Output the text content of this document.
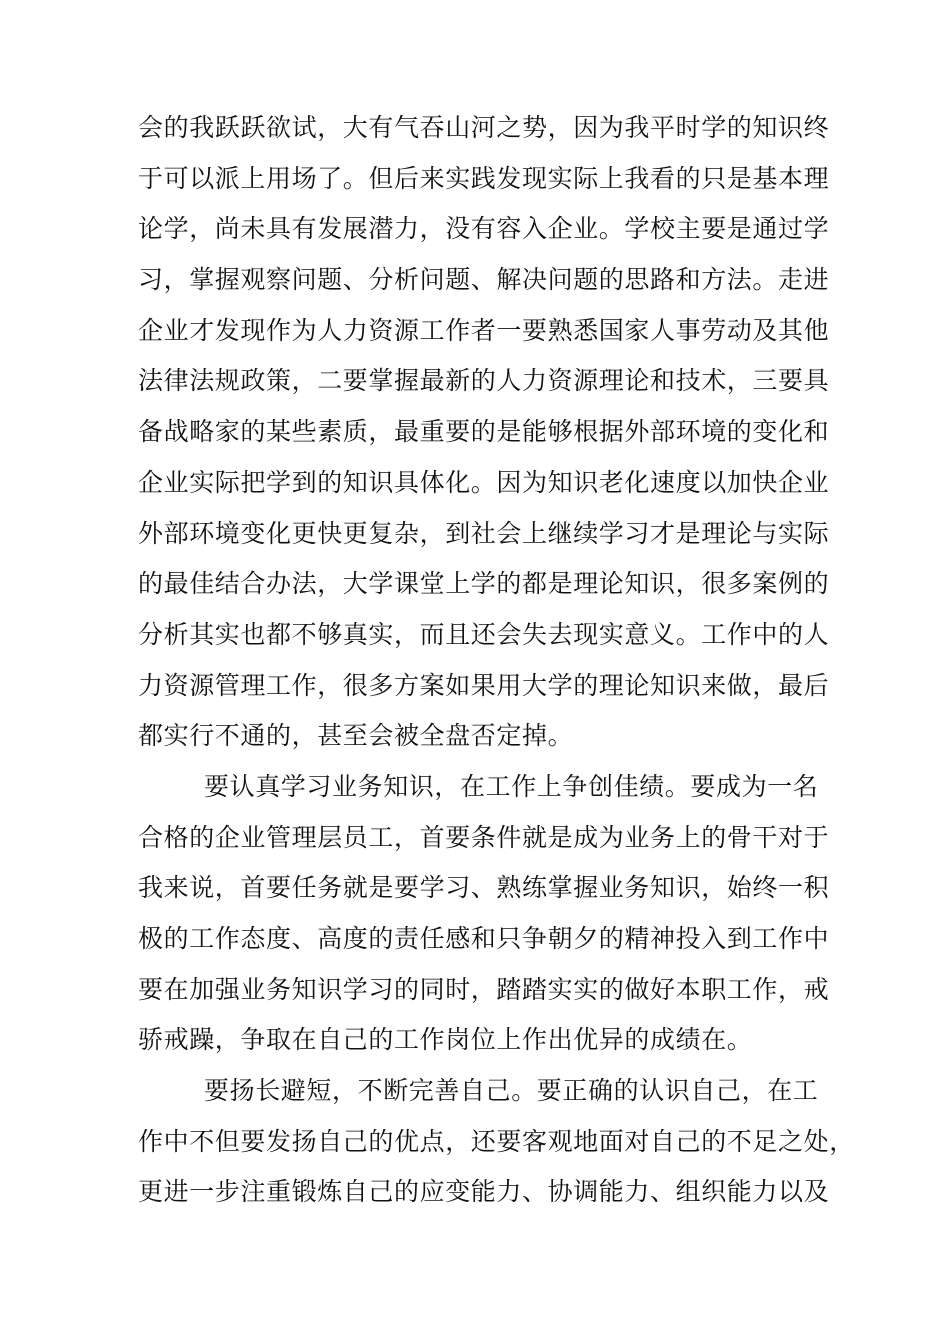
会的我跃跃欲试，大有气吞山河之势，因为我平时学的知识终
于可以派上用场了。但后来实践发现实际上我看的只是基本理
论学，尚未具有发展潜力，没有容入企业。学校主要是通过学
习，掌握观察问题、分析问题、解决问题的思路和方法。走进
企业才发现作为人力资源工作者一要熟悉国家人事劳动及其他
法律法规政策，二要掌握最新的人力资源理论和技术，三要具
备战略家的某些素质，最重要的是能够根据外部环境的变化和
企业实际把学到的知识具体化。因为知识老化速度以加快企业
外部环境变化更快更复杂，到社会上继续学习才是理论与实际
的最佳结合办法，大学课堂上学的都是理论知识，很多案例的
分析其实也都不够真实，而且还会失去现实意义。工作中的人
力资源管理工作，很多方案如果用大学的理论知识来做，最后
都实行不通的，甚至会被全盘否定掉。
要认真学习业务知识，在工作上争创佳绩。要成为一名
合格的企业管理层员工，首要条件就是成为业务上的骨干对于
我来说，首要任务就是要学习、熟练掌握业务知识，始终一积
极的工作态度、高度的责任感和只争朝夕的精神投入到工作中
要在加强业务知识学习的同时，踏踏实实的做好本职工作，戒
骄戒躁，争取在自己的工作岗位上作出优异的成绩在。
要扬长避短，不断完善自己。要正确的认识自己，在工
作中不但要发扬自己的优点，还要客观地面对自己的不足之处，
更进一步注重锻炼自己的应变能力、协调能力、组织能力以及
